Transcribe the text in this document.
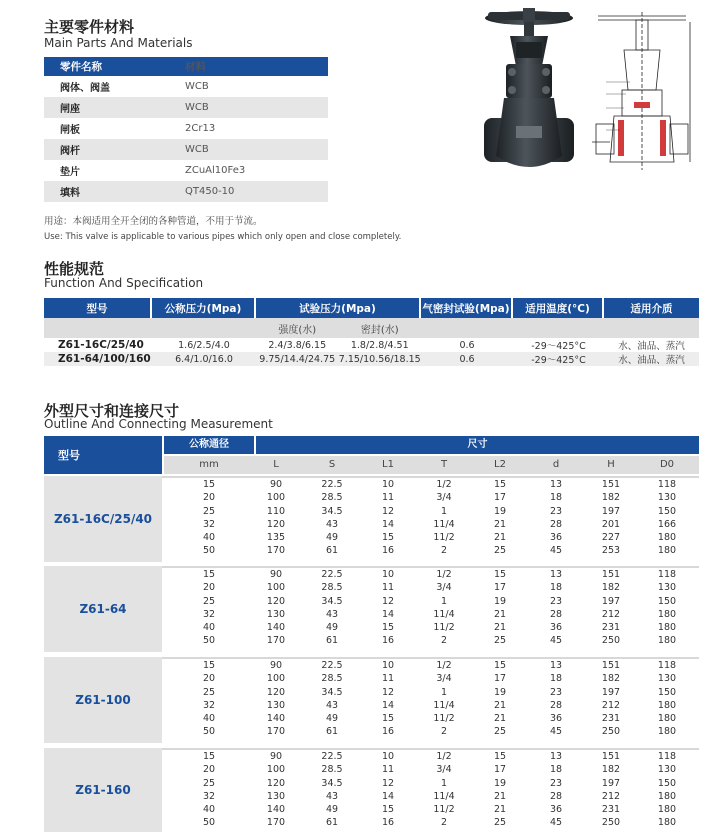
主要零件材料
Main Parts And Materials
零件名称	材料
阀体、阀盖	WCB
闸座	WCB
闸板	2Cr13
阀杆	WCB
垫片	ZCuAl10Fe3
填料	QT450-10
用途：本阀适用全开全闭的各种管道，不用于节流。
Use: This valve is applicable to various pipes which only open and close completely.
性能规范
Function And Specification
型号	公称压力(Mpa)	试验压力(Mpa)	气密封试验(Mpa)	适用温度(°C)	适用介质
		强度(水) 密封(水)			
Z61-16C/25/40	1.6/2.5/4.0	2.4/3.8/6.15 1.8/2.8/4.51	0.6	-29～425°C	水、油品、蒸汽
Z61-64/100/160	6.4/1.0/16.0	9.75/14.4/24.75 7.15/10.56/18.15	0.6	-29～425°C	水、油品、蒸汽
外型尺寸和连接尺寸
Outline And Connecting Measurement
型号
公称通径	尺寸
mm	L	S	L1	T	L2	d	H	D0
Z61-16C/25/40
15	90	22.5	10	1/2	15	13	151	118
20	100	28.5	11	3/4	17	18	182	130
25	110	34.5	12	1	19	23	197	150
32	120	43	14	11/4	21	28	201	166
40	135	49	15	11/2	21	36	227	180
50	170	61	16	2	25	45	253	180
Z61-64
15	90	22.5	10	1/2	15	13	151	118
20	100	28.5	11	3/4	17	18	182	130
25	120	34.5	12	1	19	23	197	150
32	130	43	14	11/4	21	28	212	180
40	140	49	15	11/2	21	36	231	180
50	170	61	16	2	25	45	250	180
Z61-100
15	90	22.5	10	1/2	15	13	151	118
20	100	28.5	11	3/4	17	18	182	130
25	120	34.5	12	1	19	23	197	150
32	130	43	14	11/4	21	28	212	180
40	140	49	15	11/2	21	36	231	180
50	170	61	16	2	25	45	250	180
Z61-160
15	90	22.5	10	1/2	15	13	151	118
20	100	28.5	11	3/4	17	18	182	130
25	120	34.5	12	1	19	23	197	150
32	130	43	14	11/4	21	28	212	180
40	140	49	15	11/2	21	36	231	180
50	170	61	16	2	25	45	250	180
